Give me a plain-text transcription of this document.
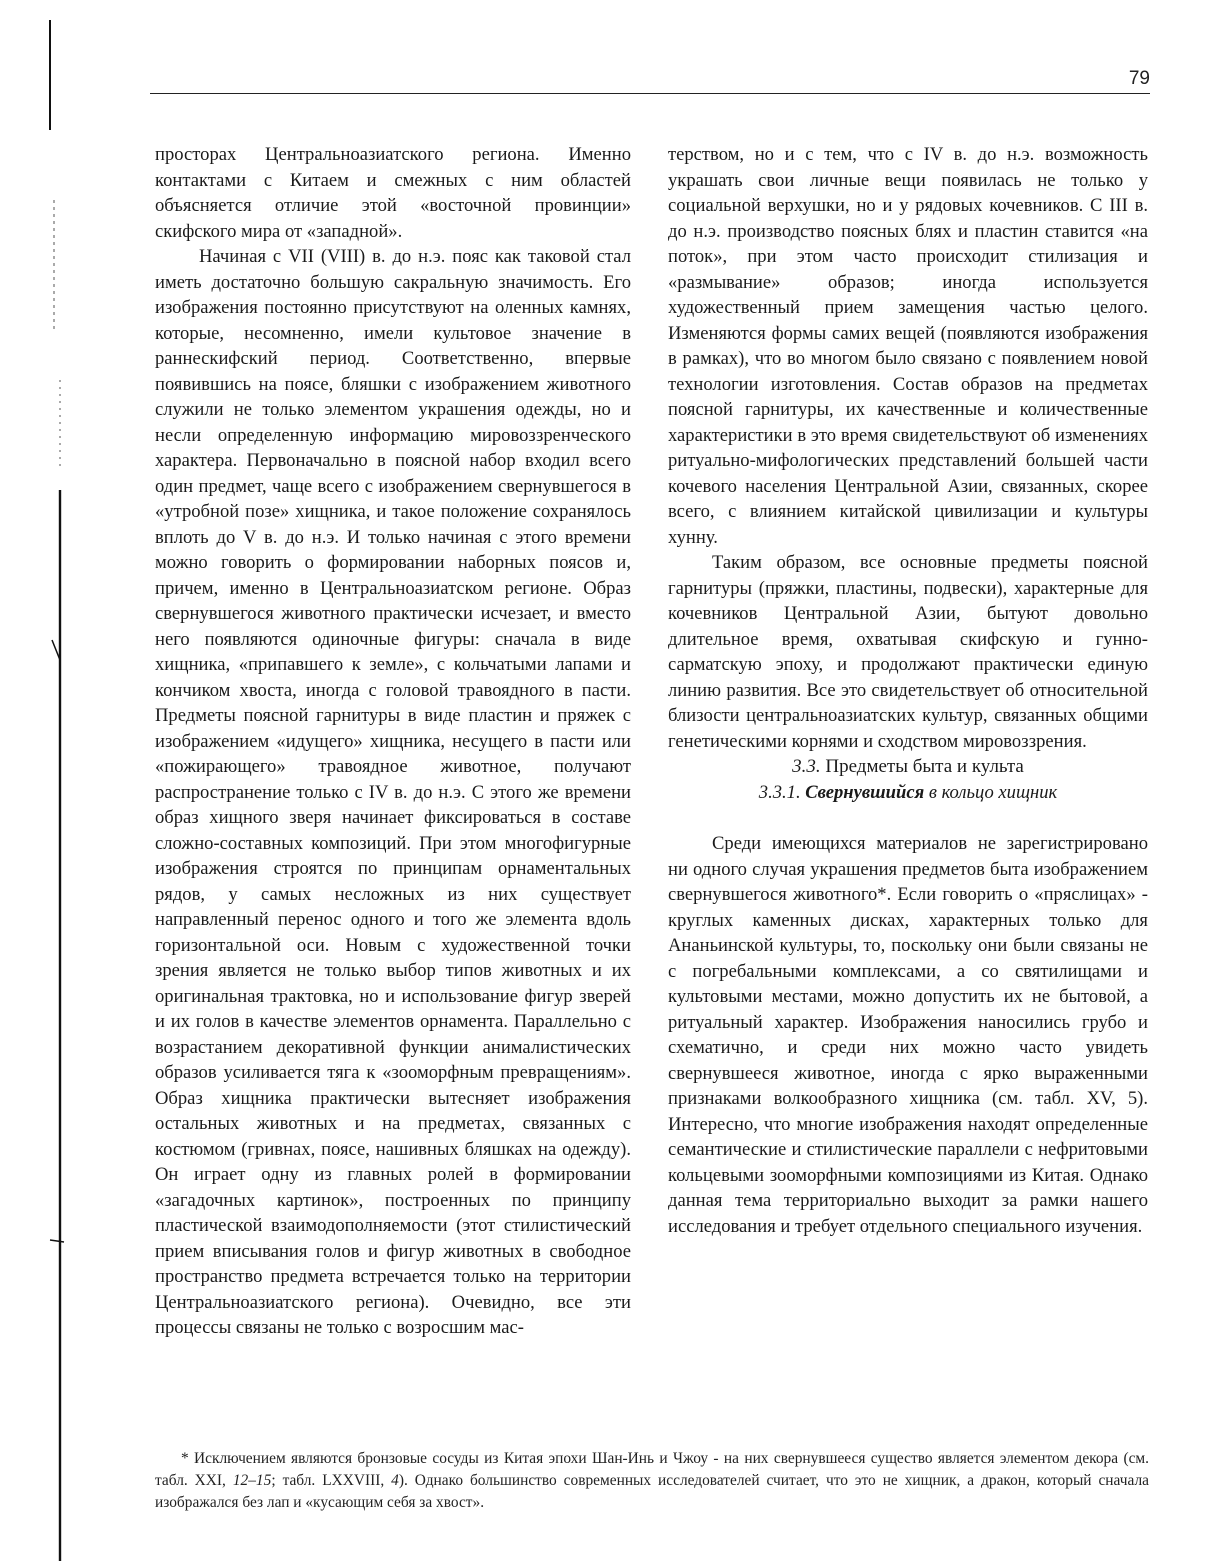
79

просторах Центральноазиатского региона. Именно контактами с Китаем и смежных с ним областей объясняется отличие этой «восточной провинции» скифского мира от «западной».

Начиная с VII (VIII) в. до н.э. пояс как таковой стал иметь достаточно большую сакральную значимость. Его изображения постоянно присутствуют на оленных камнях, которые, несомненно, имели культовое значение в раннескифский период. Соответственно, впервые появившись на поясе, бляшки с изображением животного служили не только элементом украшения одежды, но и несли определенную информацию мировоззренческого характера. Первоначально в поясной набор входил всего один предмет, чаще всего с изображением свернувшегося в «утробной позе» хищника, и такое положение сохранялось вплоть до V в. до н.э. И только начиная с этого времени можно говорить о формировании наборных поясов и, причем, именно в Центральноазиатском регионе. Образ свернувшегося животного практически исчезает, и вместо него появляются одиночные фигуры: сначала в виде хищника, «припавшего к земле», с кольчатыми лапами и кончиком хвоста, иногда с головой травоядного в пасти. Предметы поясной гарнитуры в виде пластин и пряжек с изображением «идущего» хищника, несущего в пасти или «пожирающего» травоядное животное, получают распространение только с IV в. до н.э. С этого же времени образ хищного зверя начинает фиксироваться в составе сложно-составных композиций. При этом многофигурные изображения строятся по принципам орнаментальных рядов, у самых несложных из них существует направленный перенос одного и того же элемента вдоль горизонтальной оси. Новым с художественной точки зрения является не только выбор типов животных и их оригинальная трактовка, но и использование фигур зверей и их голов в качестве элементов орнамента. Параллельно с возрастанием декоративной функции анималистических образов усиливается тяга к «зооморфным превращениям». Образ хищника практически вытесняет изображения остальных животных и на предметах, связанных с костюмом (гривнах, поясе, нашивных бляшках на одежду). Он играет одну из главных ролей в формировании «загадочных картинок», построенных по принципу пластической взаимодополняемости (этот стилистический прием вписывания голов и фигур животных в свободное пространство предмета встречается только на территории Центральноазиатского региона). Очевидно, все эти процессы связаны не только с возросшим мас-

терством, но и с тем, что с IV в. до н.э. возможность украшать свои личные вещи появилась не только у социальной верхушки, но и у рядовых кочевников. С III в. до н.э. производство поясных блях и пластин ставится «на поток», при этом часто происходит стилизация и «размывание» образов; иногда используется художественный прием замещения частью целого. Изменяются формы самих вещей (появляются изображения в рамках), что во многом было связано с появлением новой технологии изготовления. Состав образов на предметах поясной гарнитуры, их качественные и количественные характеристики в это время свидетельствуют об изменениях ритуально-мифологических представлений большей части кочевого населения Центральной Азии, связанных, скорее всего, с влиянием китайской цивилизации и культуры хунну.

Таким образом, все основные предметы поясной гарнитуры (пряжки, пластины, подвески), характерные для кочевников Центральной Азии, бытуют довольно длительное время, охватывая скифскую и гунно-сарматскую эпоху, и продолжают практически единую линию развития. Все это свидетельствует об относительной близости центральноазиатских культур, связанных общими генетическими корнями и сходством мировоззрения.

3.3. Предметы быта и культа

3.3.1. Свернувшийся в кольцо хищник

Среди имеющихся материалов не зарегистрировано ни одного случая украшения предметов быта изображением свернувшегося животного*. Если говорить о «пряслицах» - круглых каменных дисках, характерных только для Ананьинской культуры, то, поскольку они были связаны не с погребальными комплексами, а со святилищами и культовыми местами, можно допустить их не бытовой, а ритуальный характер. Изображения наносились грубо и схематично, и среди них можно часто увидеть свернувшееся животное, иногда с ярко выраженными признаками волкообразного хищника (см. табл. XV, 5). Интересно, что многие изображения находят определенные семантические и стилистические параллели с нефритовыми кольцевыми зооморфными композициями из Китая. Однако данная тема территориально выходит за рамки нашего исследования и требует отдельного специального изучения.

* Исключением являются бронзовые сосуды из Китая эпохи Шан-Инь и Чжоу - на них свернувшееся существо является элементом декора (см. табл. XXI, 12–15; табл. LXXVIII, 4). Однако большинство современных исследователей считает, что это не хищник, а дракон, который сначала изображался без лап и «кусающим себя за хвост».
